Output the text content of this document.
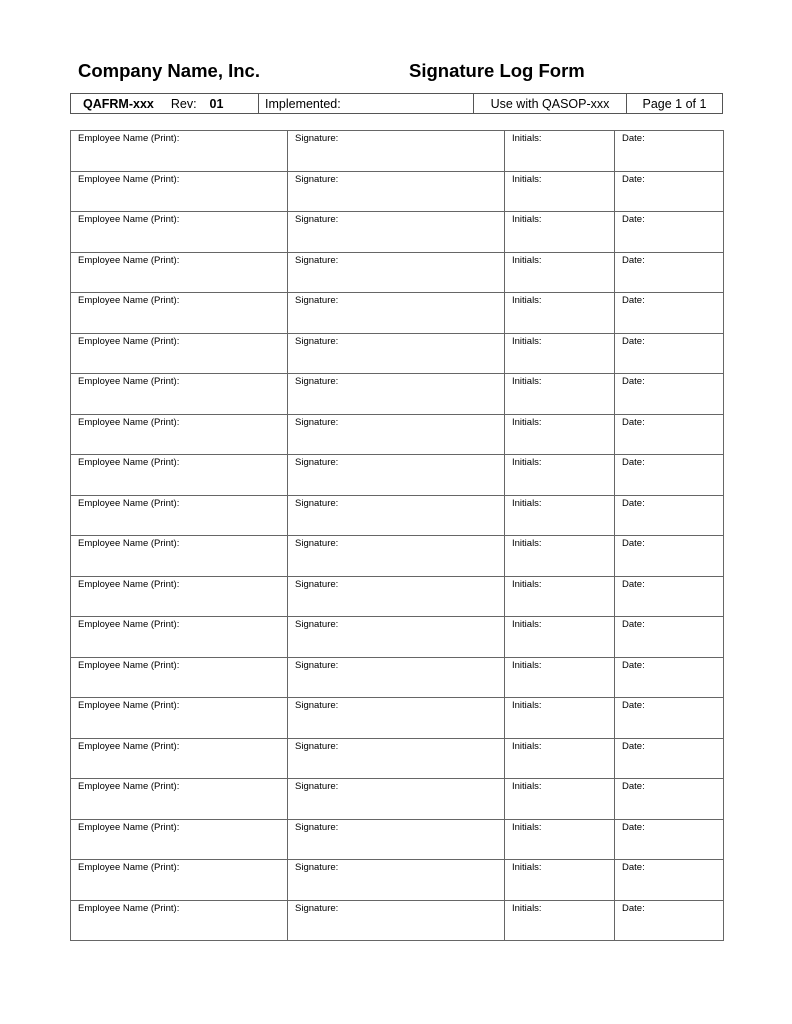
Company Name, Inc.	Signature Log Form
QAFRM-xxx Rev: 01	Implemented:	Use with QASOP-xxx	Page 1 of 1
Employee Name (Print):	Signature:	Initials:	Date:
Employee Name (Print):	Signature:	Initials:	Date:
Employee Name (Print):	Signature:	Initials:	Date:
Employee Name (Print):	Signature:	Initials:	Date:
Employee Name (Print):	Signature:	Initials:	Date:
Employee Name (Print):	Signature:	Initials:	Date:
Employee Name (Print):	Signature:	Initials:	Date:
Employee Name (Print):	Signature:	Initials:	Date:
Employee Name (Print):	Signature:	Initials:	Date:
Employee Name (Print):	Signature:	Initials:	Date:
Employee Name (Print):	Signature:	Initials:	Date:
Employee Name (Print):	Signature:	Initials:	Date:
Employee Name (Print):	Signature:	Initials:	Date:
Employee Name (Print):	Signature:	Initials:	Date:
Employee Name (Print):	Signature:	Initials:	Date:
Employee Name (Print):	Signature:	Initials:	Date:
Employee Name (Print):	Signature:	Initials:	Date:
Employee Name (Print):	Signature:	Initials:	Date:
Employee Name (Print):	Signature:	Initials:	Date:
Employee Name (Print):	Signature:	Initials:	Date:
